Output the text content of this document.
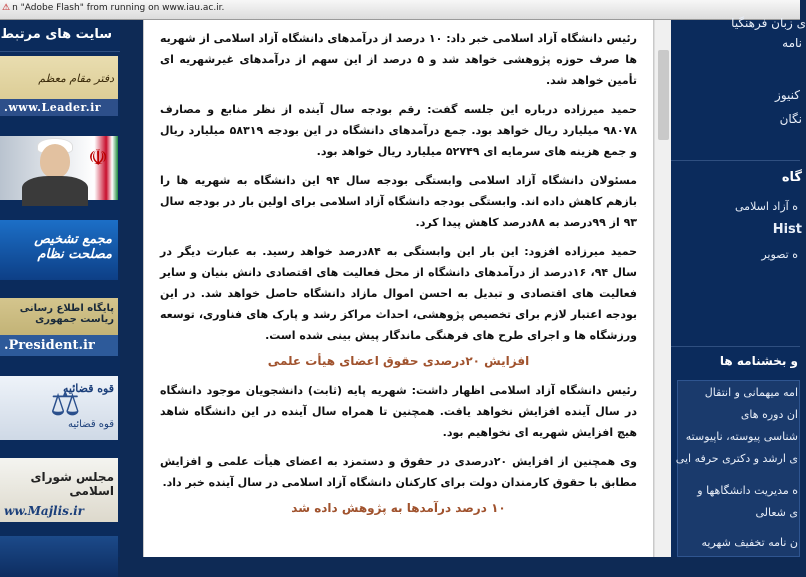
⚠ n "Adobe Flash" from running on www.iau.ac.ir.
سایت های مرتبط
دفتر مقام معظم
.www.Leader.ir
☫
مجمع تشخیص مصلحت نظام
پایگاه اطلاع رسانی ریاست جمهوری
.President.ir
⚖
قوه قضائیه
قوه قضائیه
مجلس شورای اسلامی
ww.Majlis.ir

رئیس دانشگاه آزاد اسلامی خبر داد: ۱۰ درصد از درآمدهای دانشگاه آزاد اسلامی از شهریه ها صرف حوزه پژوهشی خواهد شد و ۵ درصد از این سهم از درآمدهای غیرشهریه ای تأمین خواهد شد.

حمید میرزاده درباره این جلسه گفت: رقم بودجه سال آینده از نظر منابع و مصارف ۹۸۰۷۸ میلیارد ریال خواهد بود. جمع درآمدهای دانشگاه در این بودجه ۵۸۳۱۹ میلیارد ریال و جمع هزینه های سرمایه ای ۵۲۷۴۹ میلیارد ریال خواهد بود.

مسئولان دانشگاه آزاد اسلامی وابستگی بودجه سال ۹۴ این دانشگاه به شهریه ها را بازهم کاهش داده اند. وابستگی بودجه دانشگاه آزاد اسلامی برای اولین بار در بودجه سال ۹۳ از ۹۹درصد به ۸۸درصد کاهش پیدا کرد.

حمید میرزاده افزود: این بار این وابستگی به ۸۴درصد خواهد رسید. به عبارت دیگر در سال ۹۴، ۱۶درصد از درآمدهای دانشگاه از محل فعالیت های اقتصادی دانش بنیان و سایر فعالیت های اقتصادی و تبدیل به احسن اموال مازاد دانشگاه حاصل خواهد شد. در این بودجه اعتبار لازم برای تخصیص پژوهشی، احداث مراکز رشد و پارک های فناوری، توسعه ورزشگاه ها و اجرای طرح های فرهنگی ماندگار پیش بینی شده است.

افزایش ۲۰درصدی حقوق اعضای هیأت علمی

رئیس دانشگاه آزاد اسلامی اظهار داشت: شهریه پایه (ثابت) دانشجویان موجود دانشگاه در سال آینده افزایش نخواهد یافت. همچنین تا همراه سال آینده در این دانشگاه شاهد هیچ افزایش شهریه ای نخواهیم بود.

وی همچنین از افزایش ۲۰درصدی در حقوق و دستمزد به اعضای هیأت علمی و افزایش مطابق با حقوق کارمندان دولت برای کارکنان دانشگاه آزاد اسلامی در سال آینده خبر داد.

۱۰ درصد درآمدها به پژوهش داده شد
ی زبان فرهنگیا
نامه
کنیوز
نگان
گاه
ه آزاد اسلامی
Hist
ه تصویر
و بخشنامه ها
امه میهمانی و انتقال
ان دوره های
شناسی پیوسته، ناپیوسته
ی ارشد و دکتری حرفه ایی
ه مدیریت دانشگاهها و
ی شعالی
ن نامه تخفیف شهریه
